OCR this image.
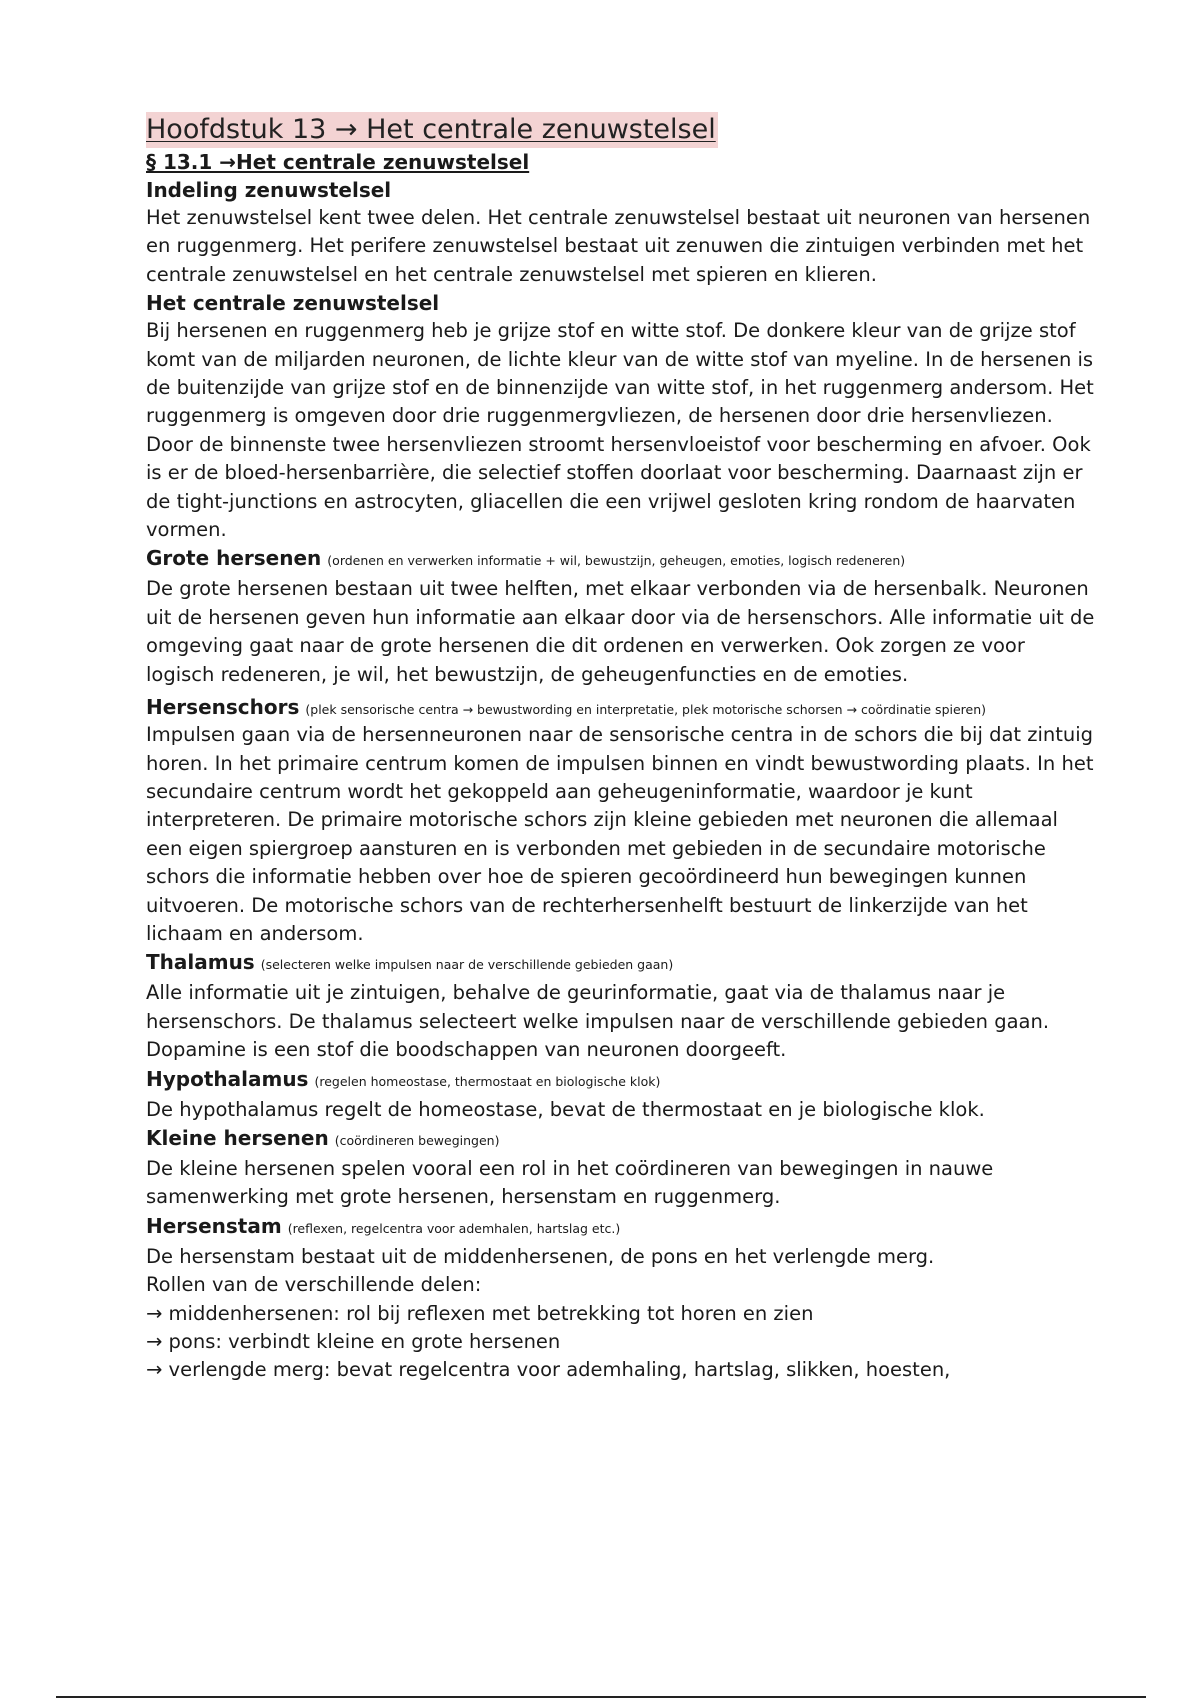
Hoofdstuk 13 → Het centrale zenuwstelsel
§ 13.1 →Het centrale zenuwstelsel
Indeling zenuwstelsel

Het zenuwstelsel kent twee delen. Het centrale zenuwstelsel bestaat uit neuronen van hersenen en ruggenmerg. Het perifere zenuwstelsel bestaat uit zenuwen die zintuigen verbinden met het centrale zenuwstelsel en het centrale zenuwstelsel met spieren en klieren.

Het centrale zenuwstelsel

Bij hersenen en ruggenmerg heb je grijze stof en witte stof. De donkere kleur van de grijze stof komt van de miljarden neuronen, de lichte kleur van de witte stof van myeline. In de hersenen is de buitenzijde van grijze stof en de binnenzijde van witte stof, in het ruggenmerg andersom. Het ruggenmerg is omgeven door drie ruggenmergvliezen, de hersenen door drie hersenvliezen. Door de binnenste twee hersenvliezen stroomt hersenvloeistof voor bescherming en afvoer. Ook is er de bloed-hersenbarrière, die selectief stoffen doorlaat voor bescherming. Daarnaast zijn er de tight-junctions en astrocyten, gliacellen die een vrijwel gesloten kring rondom de haarvaten vormen.

Grote hersenen (ordenen en verwerken informatie + wil, bewustzijn, geheugen, emoties, logisch redeneren)

De grote hersenen bestaan uit twee helften, met elkaar verbonden via de hersenbalk. Neuronen uit de hersenen geven hun informatie aan elkaar door via de hersenschors. Alle informatie uit de omgeving gaat naar de grote hersenen die dit ordenen en verwerken. Ook zorgen ze voor logisch redeneren, je wil, het bewustzijn, de geheugenfuncties en de emoties.

Hersenschors (plek sensorische centra → bewustwording en interpretatie, plek motorische schorsen → coördinatie spieren)

Impulsen gaan via de hersenneuronen naar de sensorische centra in de schors die bij dat zintuig horen. In het primaire centrum komen de impulsen binnen en vindt bewustwording plaats. In het secundaire centrum wordt het gekoppeld aan geheugeninformatie, waardoor je kunt interpreteren. De primaire motorische schors zijn kleine gebieden met neuronen die allemaal een eigen spiergroep aansturen en is verbonden met gebieden in de secundaire motorische schors die informatie hebben over hoe de spieren gecoördineerd hun bewegingen kunnen uitvoeren. De motorische schors van de rechterhersenhelft bestuurt de linkerzijde van het lichaam en andersom.

Thalamus (selecteren welke impulsen naar de verschillende gebieden gaan)

Alle informatie uit je zintuigen, behalve de geurinformatie, gaat via de thalamus naar je hersenschors. De thalamus selecteert welke impulsen naar de verschillende gebieden gaan. Dopamine is een stof die boodschappen van neuronen doorgeeft.

Hypothalamus (regelen homeostase, thermostaat en biologische klok)

De hypothalamus regelt de homeostase, bevat de thermostaat en je biologische klok.

Kleine hersenen (coördineren bewegingen)

De kleine hersenen spelen vooral een rol in het coördineren van bewegingen in nauwe samenwerking met grote hersenen, hersenstam en ruggenmerg.

Hersenstam (reflexen, regelcentra voor ademhalen, hartslag etc.)

De hersenstam bestaat uit de middenhersenen, de pons en het verlengde merg.

Rollen van de verschillende delen:

→ middenhersenen: rol bij reflexen met betrekking tot horen en zien

→ pons: verbindt kleine en grote hersenen

→ verlengde merg: bevat regelcentra voor ademhaling, hartslag, slikken, hoesten,
